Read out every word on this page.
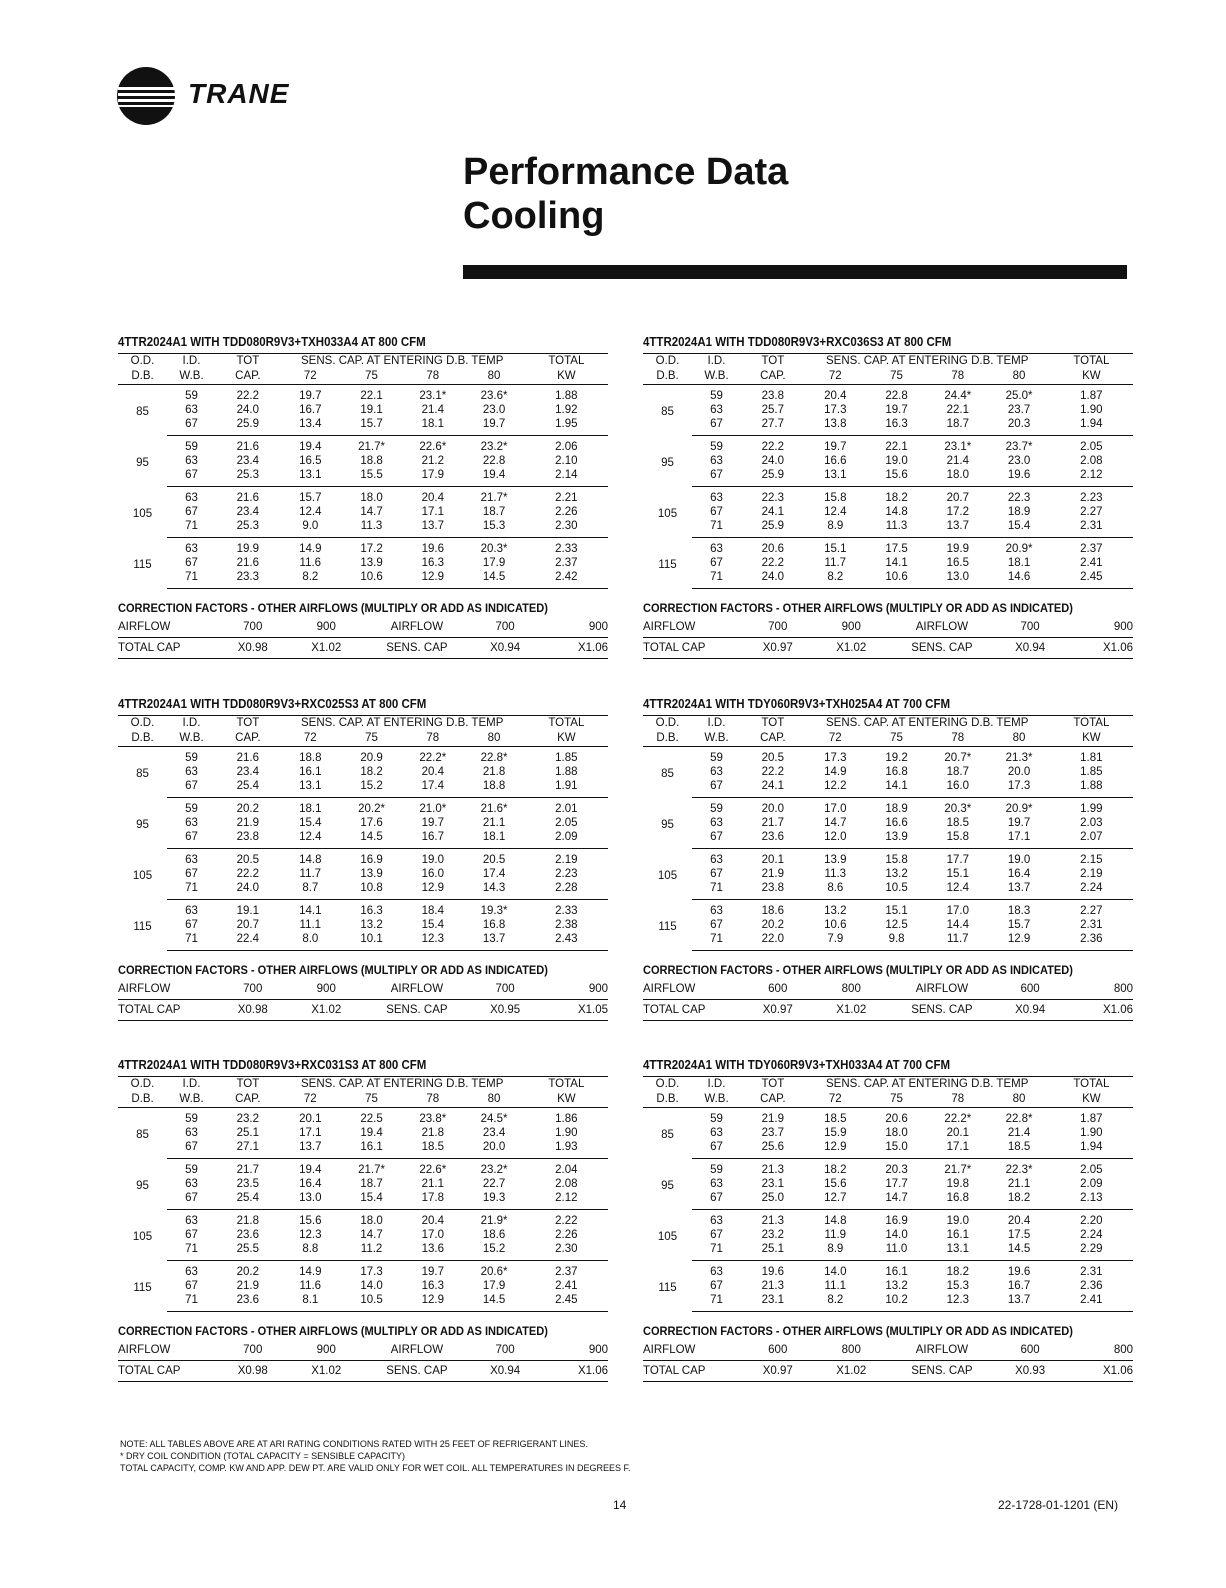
TRANE
Performance Data
Cooling
4TTR2024A1 WITH TDD080R9V3+TXH033A4 AT 800 CFM
O.D.	I.D.	TOT	SENS. CAP. AT ENTERING D.B. TEMP				TOTAL
D.B.	W.B.	CAP.	72	75	78	80	KW
85	59	22.2	19.7	22.1	23.1*	23.6*	1.88
	63	24.0	16.7	19.1	21.4	23.0	1.92
	67	25.9	13.4	15.7	18.1	19.7	1.95
95	59	21.6	19.4	21.7*	22.6*	23.2*	2.06
	63	23.4	16.5	18.8	21.2	22.8	2.10
	67	25.3	13.1	15.5	17.9	19.4	2.14
105	63	21.6	15.7	18.0	20.4	21.7*	2.21
	67	23.4	12.4	14.7	17.1	18.7	2.26
	71	25.3	9.0	11.3	13.7	15.3	2.30
115	63	19.9	14.9	17.2	19.6	20.3*	2.33
	67	21.6	11.6	13.9	16.3	17.9	2.37
	71	23.3	8.2	10.6	12.9	14.5	2.42
CORRECTION FACTORS - OTHER AIRFLOWS (MULTIPLY OR ADD AS INDICATED)
AIRFLOW	700	900	AIRFLOW	700	900
TOTAL CAP	X0.98	X1.02	SENS. CAP	X0.94	X1.06
4TTR2024A1 WITH TDD080R9V3+RXC036S3 AT 800 CFM
O.D.	I.D.	TOT	SENS. CAP. AT ENTERING D.B. TEMP				TOTAL
D.B.	W.B.	CAP.	72	75	78	80	KW
85	59	23.8	20.4	22.8	24.4*	25.0*	1.87
	63	25.7	17.3	19.7	22.1	23.7	1.90
	67	27.7	13.8	16.3	18.7	20.3	1.94
95	59	22.2	19.7	22.1	23.1*	23.7*	2.05
	63	24.0	16.6	19.0	21.4	23.0	2.08
	67	25.9	13.1	15.6	18.0	19.6	2.12
105	63	22.3	15.8	18.2	20.7	22.3	2.23
	67	24.1	12.4	14.8	17.2	18.9	2.27
	71	25.9	8.9	11.3	13.7	15.4	2.31
115	63	20.6	15.1	17.5	19.9	20.9*	2.37
	67	22.2	11.7	14.1	16.5	18.1	2.41
	71	24.0	8.2	10.6	13.0	14.6	2.45
CORRECTION FACTORS - OTHER AIRFLOWS (MULTIPLY OR ADD AS INDICATED)
AIRFLOW	700	900	AIRFLOW	700	900
TOTAL CAP	X0.97	X1.02	SENS. CAP	X0.94	X1.06
4TTR2024A1 WITH TDD080R9V3+RXC025S3 AT 800 CFM
O.D.	I.D.	TOT	SENS. CAP. AT ENTERING D.B. TEMP				TOTAL
D.B.	W.B.	CAP.	72	75	78	80	KW
85	59	21.6	18.8	20.9	22.2*	22.8*	1.85
	63	23.4	16.1	18.2	20.4	21.8	1.88
	67	25.4	13.1	15.2	17.4	18.8	1.91
95	59	20.2	18.1	20.2*	21.0*	21.6*	2.01
	63	21.9	15.4	17.6	19.7	21.1	2.05
	67	23.8	12.4	14.5	16.7	18.1	2.09
105	63	20.5	14.8	16.9	19.0	20.5	2.19
	67	22.2	11.7	13.9	16.0	17.4	2.23
	71	24.0	8.7	10.8	12.9	14.3	2.28
115	63	19.1	14.1	16.3	18.4	19.3*	2.33
	67	20.7	11.1	13.2	15.4	16.8	2.38
	71	22.4	8.0	10.1	12.3	13.7	2.43
CORRECTION FACTORS - OTHER AIRFLOWS (MULTIPLY OR ADD AS INDICATED)
AIRFLOW	700	900	AIRFLOW	700	900
TOTAL CAP	X0.98	X1.02	SENS. CAP	X0.95	X1.05
4TTR2024A1 WITH TDY060R9V3+TXH025A4 AT 700 CFM
O.D.	I.D.	TOT	SENS. CAP. AT ENTERING D.B. TEMP				TOTAL
D.B.	W.B.	CAP.	72	75	78	80	KW
85	59	20.5	17.3	19.2	20.7*	21.3*	1.81
	63	22.2	14.9	16.8	18.7	20.0	1.85
	67	24.1	12.2	14.1	16.0	17.3	1.88
95	59	20.0	17.0	18.9	20.3*	20.9*	1.99
	63	21.7	14.7	16.6	18.5	19.7	2.03
	67	23.6	12.0	13.9	15.8	17.1	2.07
105	63	20.1	13.9	15.8	17.7	19.0	2.15
	67	21.9	11.3	13.2	15.1	16.4	2.19
	71	23.8	8.6	10.5	12.4	13.7	2.24
115	63	18.6	13.2	15.1	17.0	18.3	2.27
	67	20.2	10.6	12.5	14.4	15.7	2.31
	71	22.0	7.9	9.8	11.7	12.9	2.36
CORRECTION FACTORS - OTHER AIRFLOWS (MULTIPLY OR ADD AS INDICATED)
AIRFLOW	600	800	AIRFLOW	600	800
TOTAL CAP	X0.97	X1.02	SENS. CAP	X0.94	X1.06
4TTR2024A1 WITH TDD080R9V3+RXC031S3 AT 800 CFM
O.D.	I.D.	TOT	SENS. CAP. AT ENTERING D.B. TEMP				TOTAL
D.B.	W.B.	CAP.	72	75	78	80	KW
85	59	23.2	20.1	22.5	23.8*	24.5*	1.86
	63	25.1	17.1	19.4	21.8	23.4	1.90
	67	27.1	13.7	16.1	18.5	20.0	1.93
95	59	21.7	19.4	21.7*	22.6*	23.2*	2.04
	63	23.5	16.4	18.7	21.1	22.7	2.08
	67	25.4	13.0	15.4	17.8	19.3	2.12
105	63	21.8	15.6	18.0	20.4	21.9*	2.22
	67	23.6	12.3	14.7	17.0	18.6	2.26
	71	25.5	8.8	11.2	13.6	15.2	2.30
115	63	20.2	14.9	17.3	19.7	20.6*	2.37
	67	21.9	11.6	14.0	16.3	17.9	2.41
	71	23.6	8.1	10.5	12.9	14.5	2.45
CORRECTION FACTORS - OTHER AIRFLOWS (MULTIPLY OR ADD AS INDICATED)
AIRFLOW	700	900	AIRFLOW	700	900
TOTAL CAP	X0.98	X1.02	SENS. CAP	X0.94	X1.06
4TTR2024A1 WITH TDY060R9V3+TXH033A4 AT 700 CFM
O.D.	I.D.	TOT	SENS. CAP. AT ENTERING D.B. TEMP				TOTAL
D.B.	W.B.	CAP.	72	75	78	80	KW
85	59	21.9	18.5	20.6	22.2*	22.8*	1.87
	63	23.7	15.9	18.0	20.1	21.4	1.90
	67	25.6	12.9	15.0	17.1	18.5	1.94
95	59	21.3	18.2	20.3	21.7*	22.3*	2.05
	63	23.1	15.6	17.7	19.8	21.1	2.09
	67	25.0	12.7	14.7	16.8	18.2	2.13
105	63	21.3	14.8	16.9	19.0	20.4	2.20
	67	23.2	11.9	14.0	16.1	17.5	2.24
	71	25.1	8.9	11.0	13.1	14.5	2.29
115	63	19.6	14.0	16.1	18.2	19.6	2.31
	67	21.3	11.1	13.2	15.3	16.7	2.36
	71	23.1	8.2	10.2	12.3	13.7	2.41
CORRECTION FACTORS - OTHER AIRFLOWS (MULTIPLY OR ADD AS INDICATED)
AIRFLOW	600	800	AIRFLOW	600	800
TOTAL CAP	X0.97	X1.02	SENS. CAP	X0.93	X1.06
NOTE: ALL TABLES ABOVE ARE AT ARI RATING CONDITIONS RATED WITH 25 FEET OF REFRIGERANT LINES.
* DRY COIL CONDITION (TOTAL CAPACITY = SENSIBLE CAPACITY)
TOTAL CAPACITY, COMP. KW AND APP. DEW PT. ARE VALID ONLY FOR WET COIL. ALL TEMPERATURES IN DEGREES F.
14	22-1728-01-1201 (EN)
